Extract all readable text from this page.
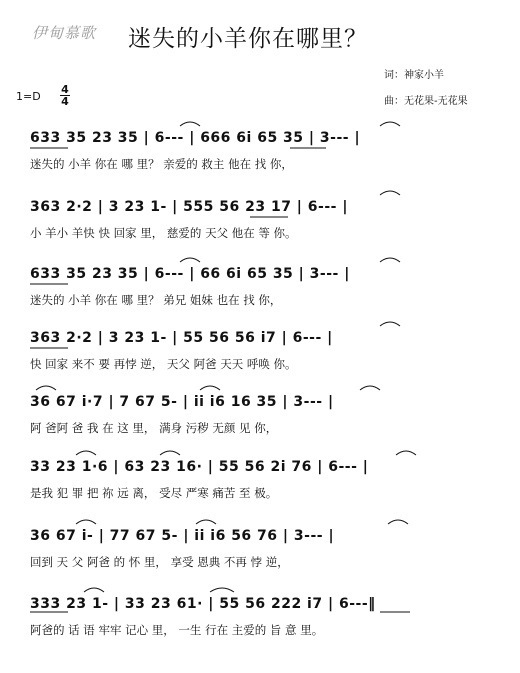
伊甸慕歌 迷失的小羊你在哪里？
词：神家小羊
曲：无花果-无花果
1=D
4
4
633 35 23 35 | 6--- | 666 6i 65 35 | 3--- |
迷失的 小羊 你在 哪 里？ 亲爱的 救主 他在 找 你，
363 2·2 | 3 23 1- | 555 56 23 17 | 6--- |
小 羊小 羊快 快 回家 里， 慈爱的 天父 他在 等 你。
633 35 23 35 | 6--- | 66 6i 65 35 | 3--- |
迷失的 小羊 你在 哪 里？ 弟兄 姐妹 也在 找 你，
363 2·2 | 3 23 1- | 55 56 56 i7 | 6--- |
快 回家 来不 要 再悖 逆， 天父 阿爸 天天 呼唤 你。
36 67 i·7 | 7 67 5- | ii i6 16 35 | 3--- |
阿 爸阿 爸 我 在 这 里， 满身 污秽 无颜 见 你，
33 23 1·6 | 63 23 16· | 55 56 2i 76 | 6--- |
是我 犯 罪 把 祢 远 离， 受尽 严寒 痛苦 至 极。
36 67 i- | 77 67 5- | ii i6 56 76 | 3--- |
回到 天 父 阿爸 的 怀 里， 享受 恩典 不再 悖 逆，
333 23 1- | 33 23 61· | 55 56 222 i7 | 6---‖
阿爸的 话 语 牢牢 记心 里， 一生 行在 主爱的 旨 意 里。
